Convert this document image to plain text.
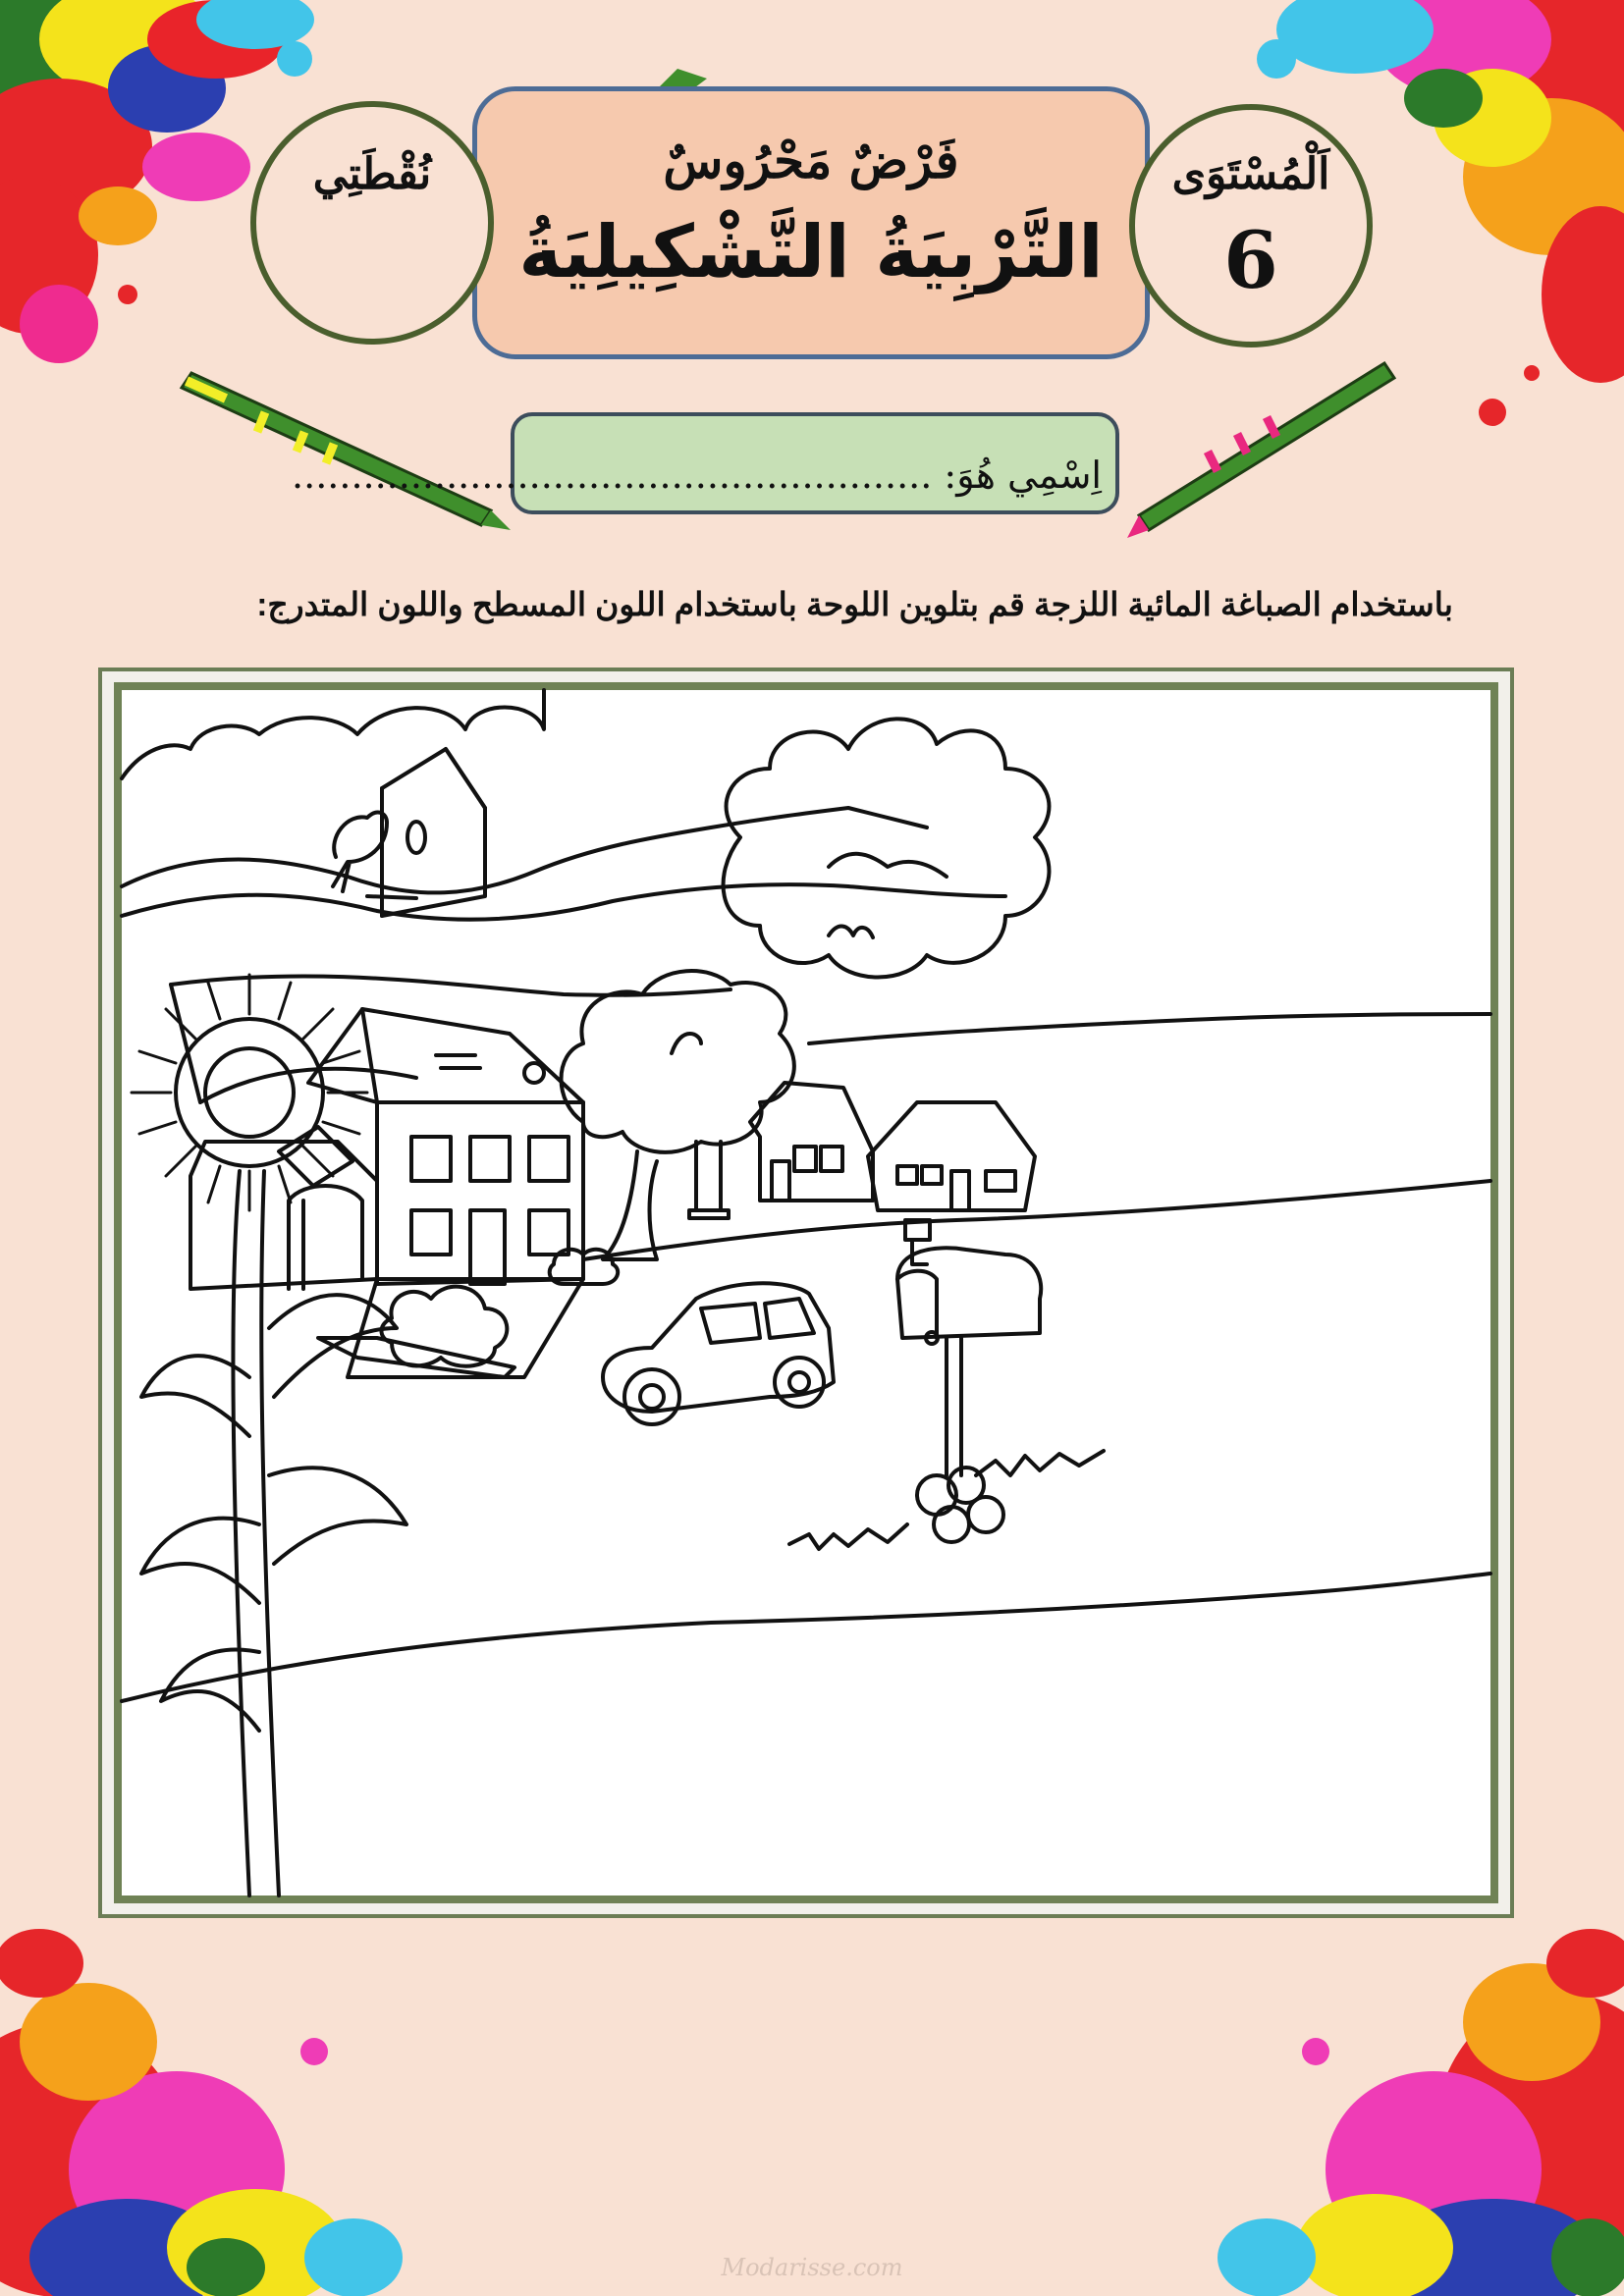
فَرْضٌ مَحْرُوسٌ
التَّرْبِيَةُ التَّشْكِيلِيَةُ
نُقْطَتِي	اَلْمُسْتَوَى
6
اِسْمِي هُوَ: ......................................................
باستخدام الصباغة المائية اللزجة قم بتلوين اللوحة باستخدام اللون المسطح واللون المتدرج:
Modarisse.com
